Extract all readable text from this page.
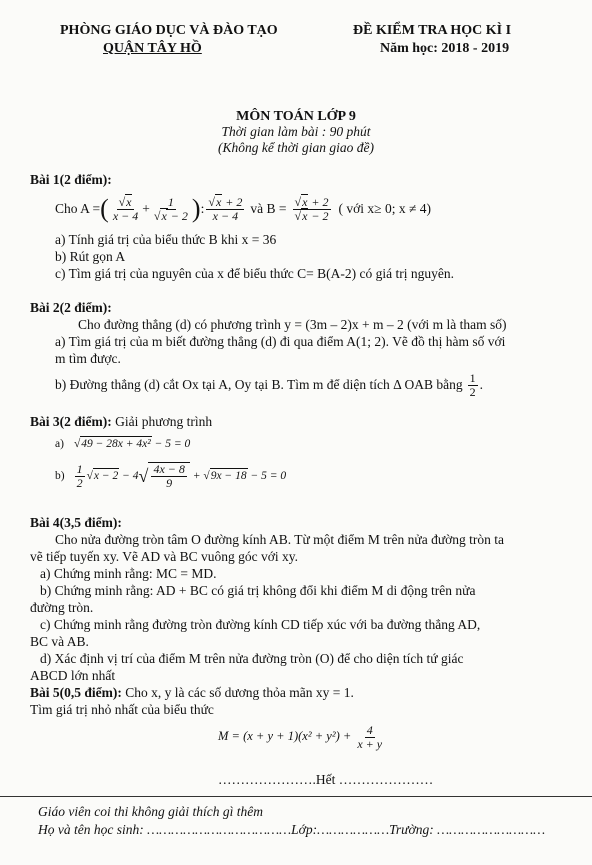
PHÒNG GIÁO DỤC VÀ ĐÀO TẠO
QUẬN TÂY HỒ
ĐỀ KIỂM TRA HỌC KÌ I
Năm học: 2018 - 2019
MÔN TOÁN LỚP 9
Thời gian làm bài : 90 phút
(Không kể thời gian giao đề)
Bài 1(2 điểm):
Cho A = ( √ $\frac{x}{x - 4} + 1$
√ x − 2 ) : √ $\frac{x + 2}{x - 4}$ và B = √ x + 2
√ x − 2 ( với x≥ 0; x ≠ 4)
a) Tính giá trị của biểu thức B khi x = 36
b) Rút gọn A
c) Tìm giá trị của nguyên của x để biểu thức C= B(A-2) có giá trị nguyên.
Bài 2(2 điểm):
Cho đường thẳng (d) có phương trình y = (3m – 2)x + m – 2 (với m là tham số)
a) Tìm giá trị của m biết đường thẳng (d) đi qua điểm A(1; 2). Vẽ đồ thị hàm số với
m tìm được.
b) Đường thẳng (d) cắt Ox tại A, Oy tại B. Tìm m để diện tích Δ OAB bằng $\frac{1}{2}$ .
Bài 3(2 điểm): Giải phương trình
a) √ 49 − 28x + 4x² − 5 = 0
$b) \frac{1}{2}$ √ x − 2 − 4 √ $\frac{4x - 8}{9}$ + √ 9x − 18 − 5 = 0
Bài 4(3,5 điểm):
Cho nửa đường tròn tâm O đường kính AB. Từ một điểm M trên nửa đường tròn ta
vẽ tiếp tuyến xy. Vẽ AD và BC vuông góc với xy.
a) Chứng minh rằng: MC = MD.
b) Chứng minh rằng: AD + BC có giá trị không đổi khi điểm M di động trên nửa
đường tròn.
c) Chứng minh rằng đường tròn đường kính CD tiếp xúc với ba đường thẳng AD,
BC và AB.
d) Xác định vị trí của điểm M trên nửa đường tròn (O) để cho diện tích tứ giác
ABCD lớn nhất
Bài 5(0,5 điểm): Cho x, y là các số dương thỏa mãn xy = 1.
Tìm giá trị nhỏ nhất của biểu thức
$M = (x + y + 1)(x^2 + y^2) + \frac{4}{x + y}$
………………….Hết …………………
Giáo viên coi thi không giải thích gì thêm
Họ và tên học sinh: ………………………………Lớp:………………Trường: ………………………
